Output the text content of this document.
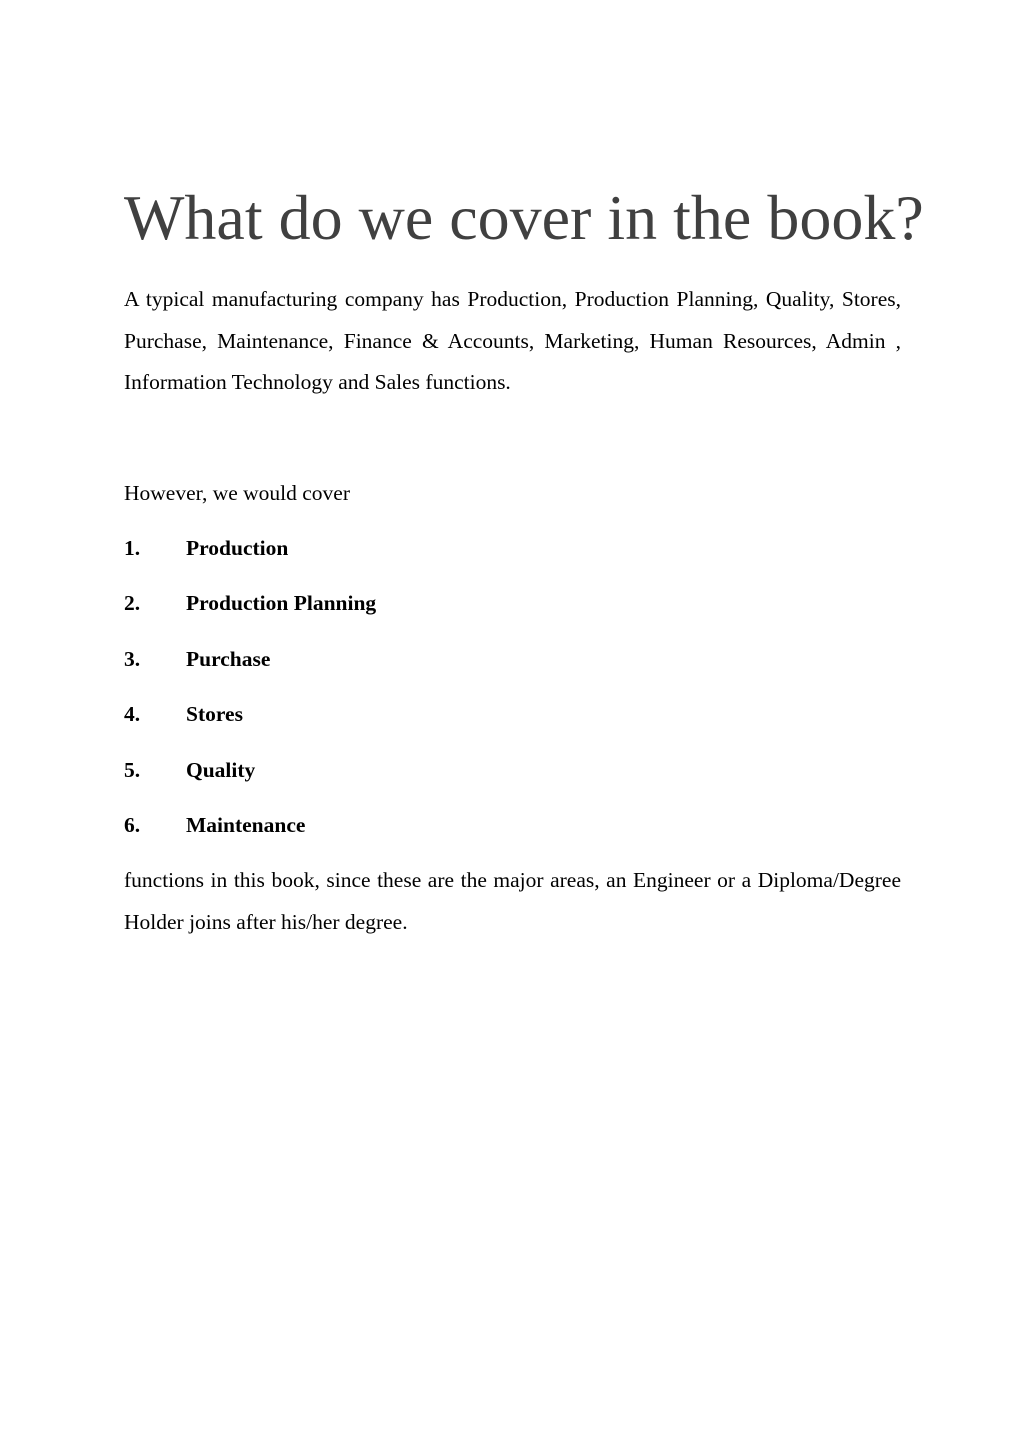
What do we cover in the book?

A typical manufacturing company has Production, Production Planning, Quality, Stores, Purchase, Maintenance, Finance & Accounts, Marketing, Human Resources, Admin , Information Technology and Sales functions.

However, we would cover

1.	Production
2.	Production Planning
3.	Purchase
4.	Stores
5.	Quality
6.	Maintenance

functions in this book, since these are the major areas, an Engineer or a Diploma/Degree Holder joins after his/her degree.
